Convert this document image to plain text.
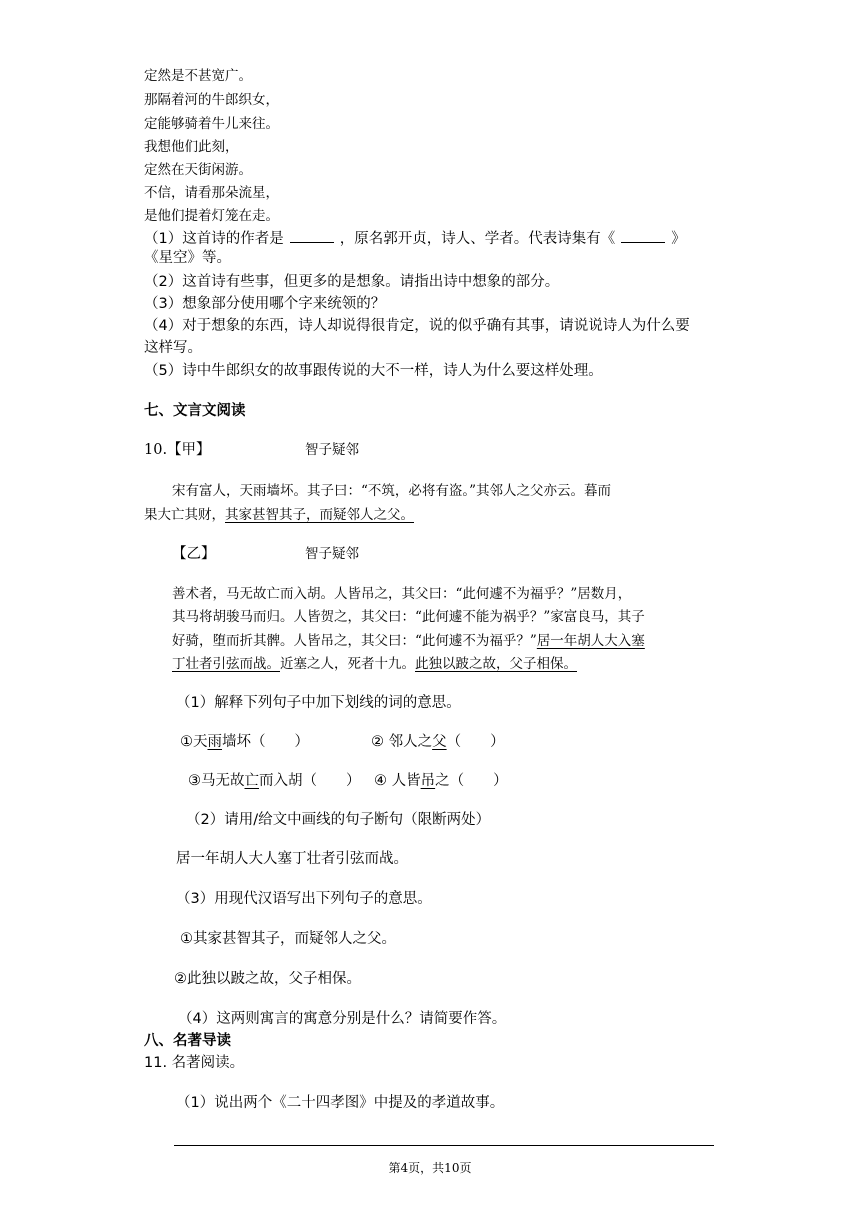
定然是不甚宽广。
那隔着河的牛郎织女，
定能够骑着牛儿来往。
我想他们此刻，
定然在天街闲游。
不信，请看那朵流星，
是他们提着灯笼在走。
（1）这首诗的作者是	，原名郭开贞，诗人、学者。代表诗集有《	》
《星空》等。
（2）这首诗有些事，但更多的是想象。请指出诗中想象的部分。
（3）想象部分使用哪个字来统领的？
（4）对于想象的东西，诗人却说得很肯定，说的似乎确有其事，请说说诗人为什么要
这样写。
（5）诗中牛郎织女的故事跟传说的大不一样，诗人为什么要这样处理。
七、文言文阅读
10.【甲】	智子疑邻
宋有富人，天雨墙坏。其子曰：“不筑，必将有盗。”其邻人之父亦云。暮而
果大亡其财，其家甚智其子，而疑邻人之父。
【乙】	智子疑邻
善术者，马无故亡而入胡。人皆吊之，其父曰：“此何遽不为福乎？”居数月，
其马将胡骏马而归。人皆贺之，其父曰：“此何遽不能为祸乎？”家富良马，其子
好骑，堕而折其髀。人皆吊之，其父曰：“此何遽不为福乎？”居一年胡人大入塞
丁壮者引弦而战。近塞之人，死者十九。此独以跛之故，父子相保。
（1）解释下列句子中加下划线的词的意思。
①天雨墙坏（　　）	② 邻人之父（　　）
③马无故亡而入胡（　　） ④ 人皆吊之（　　）
（2）请用/给文中画线的句子断句（限断两处）
居一年胡人大人塞丁壮者引弦而战。
（3）用现代汉语写出下列句子的意思。
①其家甚智其子，而疑邻人之父。
②此独以跛之故，父子相保。
（4）这两则寓言的寓意分别是什么？请简要作答。
八、名著导读
11. 名著阅读。
（1）说出两个《二十四孝图》中提及的孝道故事。
第4页，共10页
